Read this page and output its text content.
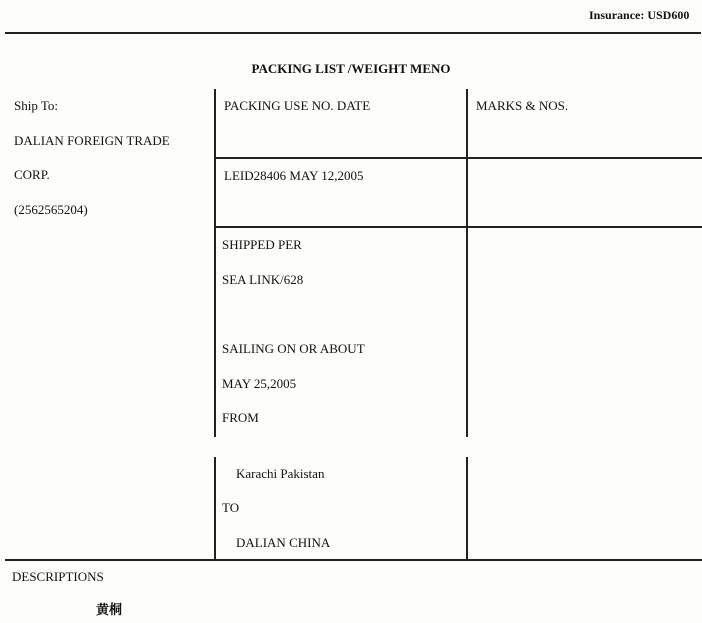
Insurance: USD600
PACKING LIST /WEIGHT MENO
Ship To:
DALIAN FOREIGN TRADE
CORP.
(2562565204)
PACKING USE NO. DATE
LEID28406 MAY 12,2005
MARKS & NOS.
SHIPPED PER
SEA LINK/628
SAILING ON OR ABOUT
MAY 25,2005
FROM
Karachi Pakistan
TO
DALIAN CHINA
DESCRIPTIONS
黄桐
